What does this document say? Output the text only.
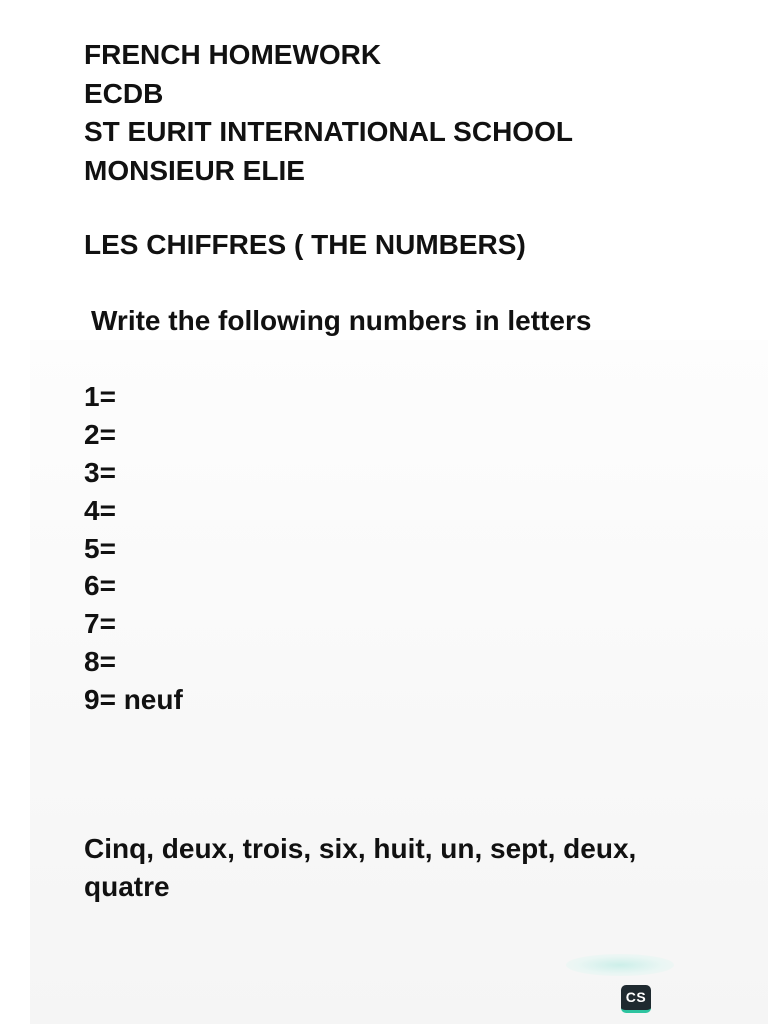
FRENCH HOMEWORK
ECDB
ST EURIT INTERNATIONAL SCHOOL
MONSIEUR ELIE
LES CHIFFRES ( THE NUMBERS)
Write the following numbers in letters
1=
2=
3=
4=
5=
6=
7=
8=
9= neuf
Cinq, deux, trois, six, huit, un, sept, deux, quatre
CS
